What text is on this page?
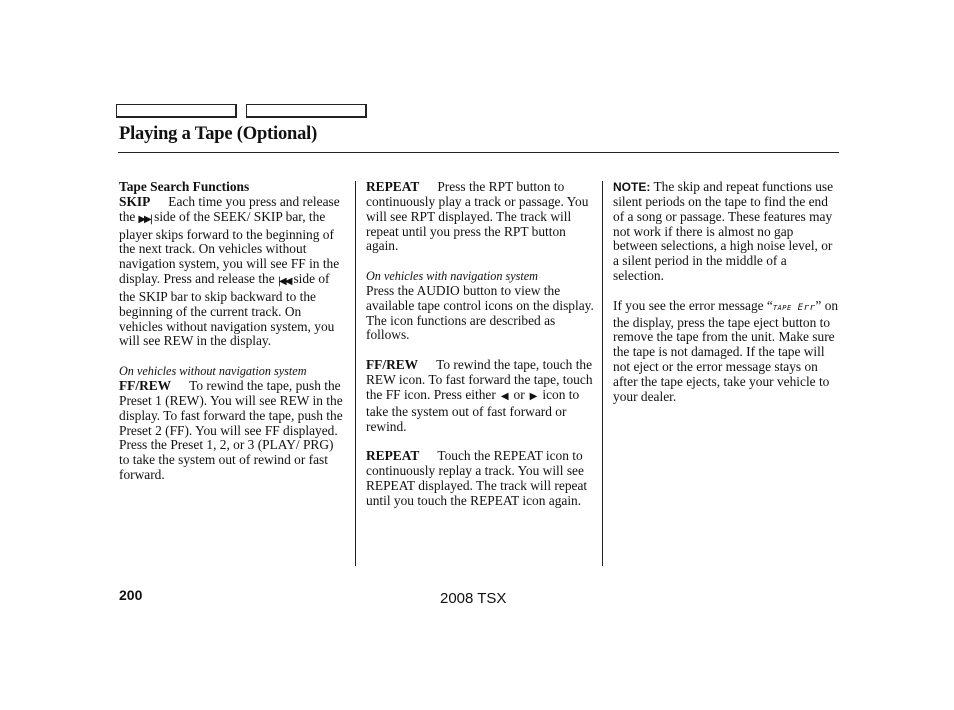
Playing a Tape (Optional)

Tape Search Functions

SKIP Each time you press and release the ▶▶| side of the SEEK/ SKIP bar, the player skips forward to the beginning of the next track. On vehicles without navigation system, you will see FF in the display. Press and release the |◀◀ side of the SKIP bar to skip backward to the beginning of the current track. On vehicles without navigation system, you will see REW in the display.

On vehicles without navigation system

FF/REW To rewind the tape, push the Preset 1 (REW). You will see REW in the display. To fast forward the tape, push the Preset 2 (FF). You will see FF displayed. Press the Preset 1, 2, or 3 (PLAY/ PRG) to take the system out of rewind or fast forward.

REPEAT Press the RPT button to continuously play a track or passage. You will see RPT displayed. The track will repeat until you press the RPT button again.

On vehicles with navigation system

Press the AUDIO button to view the available tape control icons on the display. The icon functions are described as follows.

FF/REW To rewind the tape, touch the REW icon. To fast forward the tape, touch the FF icon. Press either ◀ or ▶ icon to take the system out of fast forward or rewind.

REPEAT Touch the REPEAT icon to continuously replay a track. You will see REPEAT displayed. The track will repeat until you touch the REPEAT icon again.

NOTE: The skip and repeat functions use silent periods on the tape to find the end of a song or passage. These features may not work if there is almost no gap between selections, a high noise level, or a silent period in the middle of a selection.

If you see the error message “TAPE Err” on the display, press the tape eject button to remove the tape from the unit. Make sure the tape is not damaged. If the tape will not eject or the error message stays on after the tape ejects, take your vehicle to your dealer.

200	2008 TSX
